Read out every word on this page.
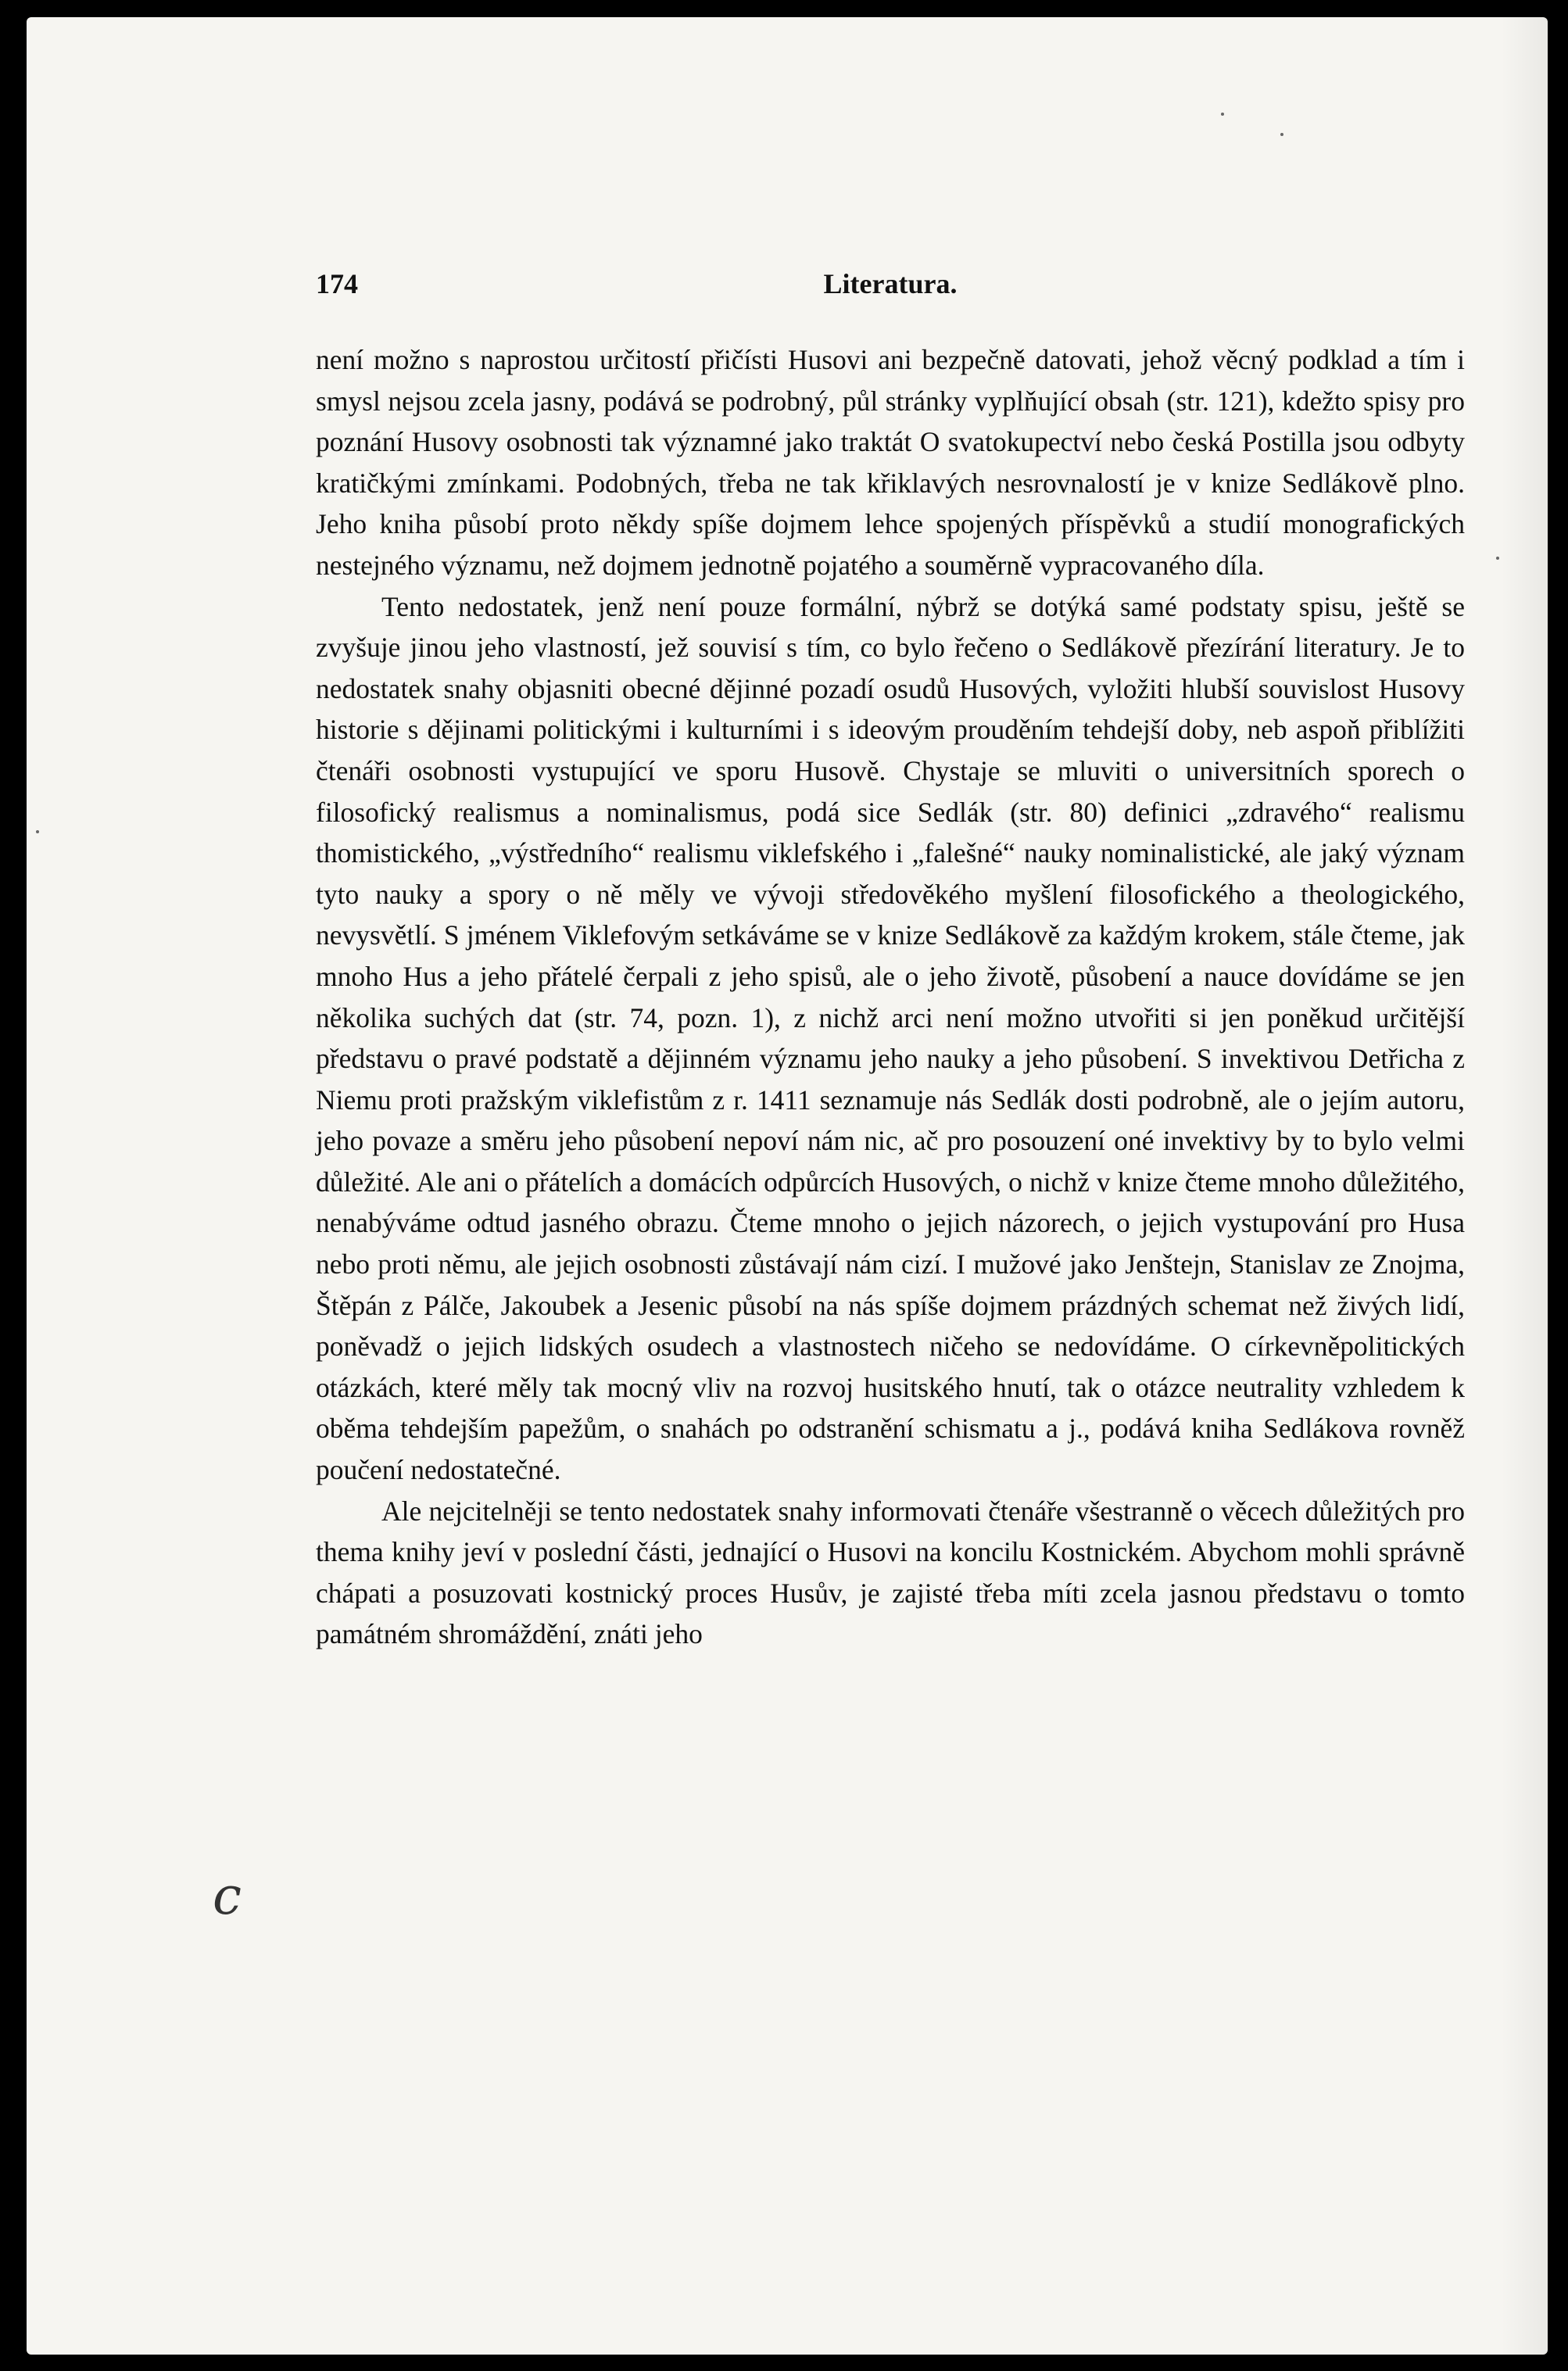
174	Literatura.

není možno s naprostou určitostí přičísti Husovi ani bezpečně datovati, jehož věcný podklad a tím i smysl nejsou zcela jasny, podává se podrobný, půl stránky vyplňující obsah (str. 121), kdežto spisy pro poznání Husovy osobnosti tak významné jako traktát O svatokupectví nebo česká Postilla jsou odbyty kratičkými zmínkami. Podobných, třeba ne tak křiklavých nesrovnalostí je v knize Sedlákově plno. Jeho kniha působí proto někdy spíše dojmem lehce spojených příspěvků a studií monografických nestejného významu, než dojmem jednotně pojatého a souměrně vypracovaného díla.

Tento nedostatek, jenž není pouze formální, nýbrž se dotýká samé podstaty spisu, ještě se zvyšuje jinou jeho vlastností, jež souvisí s tím, co bylo řečeno o Sedlákově přezírání literatury. Je to nedostatek snahy objasniti obecné dějinné pozadí osudů Husových, vyložiti hlubší souvislost Husovy historie s dějinami politickými i kulturními i s ideovým prouděním tehdejší doby, neb aspoň přiblížiti čtenáři osobnosti vystupující ve sporu Husově. Chystaje se mluviti o universitních sporech o filosofický realismus a nominalismus, podá sice Sedlák (str. 80) definici „zdravého“ realismu thomistického, „výstředního“ realismu viklefského i „falešné“ nauky nominalistické, ale jaký význam tyto nauky a spory o ně měly ve vývoji středověkého myšlení filosofického a theologického, nevysvětlí. S jménem Viklefovým setkáváme se v knize Sedlákově za každým krokem, stále čteme, jak mnoho Hus a jeho přátelé čerpali z jeho spisů, ale o jeho životě, působení a nauce dovídáme se jen několika suchých dat (str. 74, pozn. 1), z nichž arci není možno utvořiti si jen poněkud určitější představu o pravé podstatě a dějinném významu jeho nauky a jeho působení. S invektivou Detřicha z Niemu proti pražským viklefistům z r. 1411 seznamuje nás Sedlák dosti podrobně, ale o jejím autoru, jeho povaze a směru jeho působení nepoví nám nic, ač pro posouzení oné invektivy by to bylo velmi důležité. Ale ani o přátelích a domácích odpůrcích Husových, o nichž v knize čteme mnoho důležitého, nenabýváme odtud jasného obrazu. Čteme mnoho o jejich názorech, o jejich vystupování pro Husa nebo proti němu, ale jejich osobnosti zůstávají nám cizí. I mužové jako Jenštejn, Stanislav ze Znojma, Štěpán z Pálče, Jakoubek a Jesenic působí na nás spíše dojmem prázdných schemat než živých lidí, poněvadž o jejich lidských osudech a vlastnostech ničeho se nedovídáme. O církevněpolitických otázkách, které měly tak mocný vliv na rozvoj husitského hnutí, tak o otázce neutrality vzhledem k oběma tehdejším papežům, o snahách po odstranění schismatu a j., podává kniha Sedlákova rovněž poučení nedostatečné.

Ale nejcitelněji se tento nedostatek snahy informovati čtenáře všestranně o věcech důležitých pro thema knihy jeví v poslední části, jednající o Husovi na koncilu Kostnickém. Abychom mohli správně chápati a posuzovati kostnický proces Husův, je zajisté třeba míti zcela jasnou představu o tomto památném shromáždění, znáti jeho

c
